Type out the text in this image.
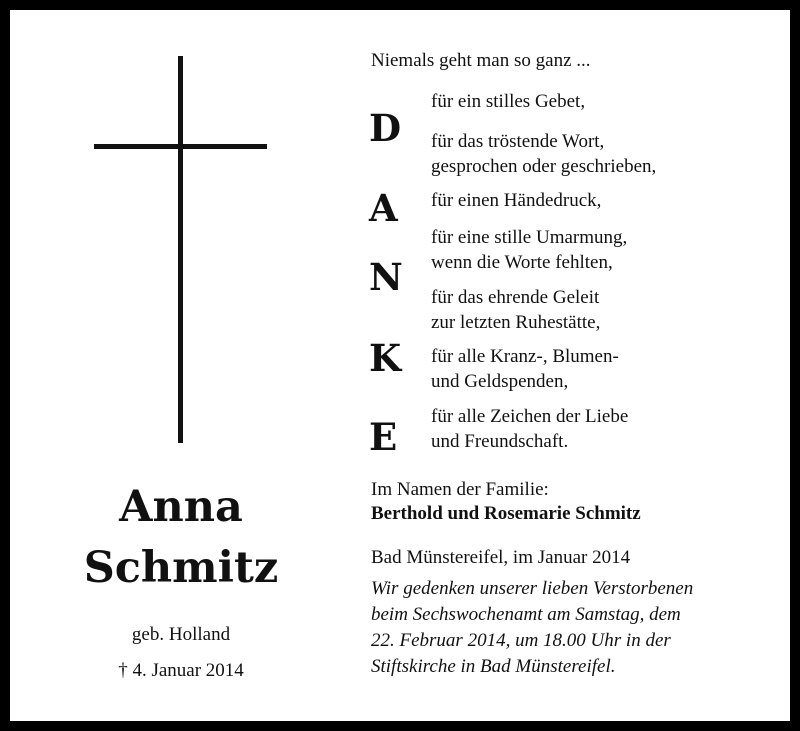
Anna
Schmitz
geb. Holland
† 4. Januar 2014
Niemals geht man so ganz ...
D
A
N
K
E
für ein stilles Gebet,
für das tröstende Wort,
gesprochen oder geschrieben,
für einen Händedruck,
für eine stille Umarmung,
wenn die Worte fehlten,
für das ehrende Geleit
zur letzten Ruhestätte,
für alle Kranz-, Blumen-
und Geldspenden,
für alle Zeichen der Liebe
und Freundschaft.
Im Namen der Familie:
Berthold und Rosemarie Schmitz
Bad Münstereifel, im Januar 2014
Wir gedenken unserer lieben Verstorbenen
beim Sechswochenamt am Samstag, dem
22. Februar 2014, um 18.00 Uhr in der
Stiftskirche in Bad Münstereifel.
